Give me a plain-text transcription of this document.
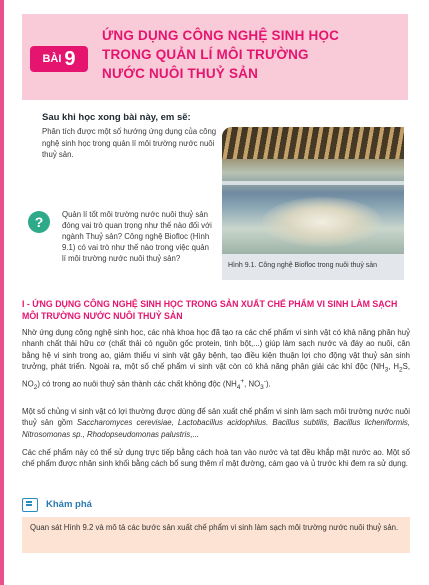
BÀI 9
ỨNG DỤNG CÔNG NGHỆ SINH HỌC
TRONG QUẢN LÍ MÔI TRƯỜNG
NƯỚC NUÔI THUỶ SẢN
Sau khi học xong bài này, em sẽ:
Phân tích được một số hướng ứng dụng của công nghệ sinh học trong quản lí môi trường nước nuôi thuỷ sản.
Hình 9.1. Công nghệ Biofloc trong nuôi thuỷ sản
?	Quản lí tốt môi trường nước nuôi thuỷ sản đóng vai trò quan trọng như thế nào đối với ngành Thuỷ sản? Công nghệ Biofloc (Hình 9.1) có vai trò như thế nào trong việc quản lí môi trường nước nuôi thuỷ sản?
I - ỨNG DỤNG CÔNG NGHỆ SINH HỌC TRONG SẢN XUẤT CHẾ PHẨM VI SINH LÀM SẠCH MÔI TRƯỜNG NƯỚC NUÔI THUỶ SẢN
Nhờ ứng dụng công nghệ sinh học, các nhà khoa học đã tạo ra các chế phẩm vi sinh vật có khả năng phân huỷ nhanh chất thải hữu cơ (chất thải có nguồn gốc protein, tinh bột,...) giúp làm sạch nước và đáy ao nuôi, cân bằng hệ vi sinh trong ao, giảm thiểu vi sinh vật gây bệnh, tạo điều kiện thuận lợi cho động vật thuỷ sản sinh trưởng, phát triển. Ngoài ra, một số chế phẩm vi sinh vật còn có khả năng phân giải các khí độc ($NH_3$, $H_2S$, $NO_2$) có trong ao nuôi thuỷ sản thành các chất không độc ($NH_4^+$, $NO_3^-$).
Một số chủng vi sinh vật có lợi thường được dùng để sản xuất chế phẩm vi sinh làm sạch môi trường nước nuôi thuỷ sản gồm Saccharomyces cerevisiae, Lactobacillus acidophilus. Bacillus subtilis, Bacillus licheniformis, Nitrosomonas sp., Rhodopseudomonas palustris,...
Các chế phẩm này có thể sử dụng trực tiếp bằng cách hoà tan vào nước và tạt đều khắp mặt nước ao. Một số chế phẩm được nhân sinh khối bằng cách bổ sung thêm rỉ mật đường, cám gạo và ủ trước khi đem ra sử dụng.
Khám phá
Quan sát Hình 9.2 và mô tả các bước sản xuất chế phẩm vi sinh làm sạch môi trường nước nuôi thuỷ sản.
